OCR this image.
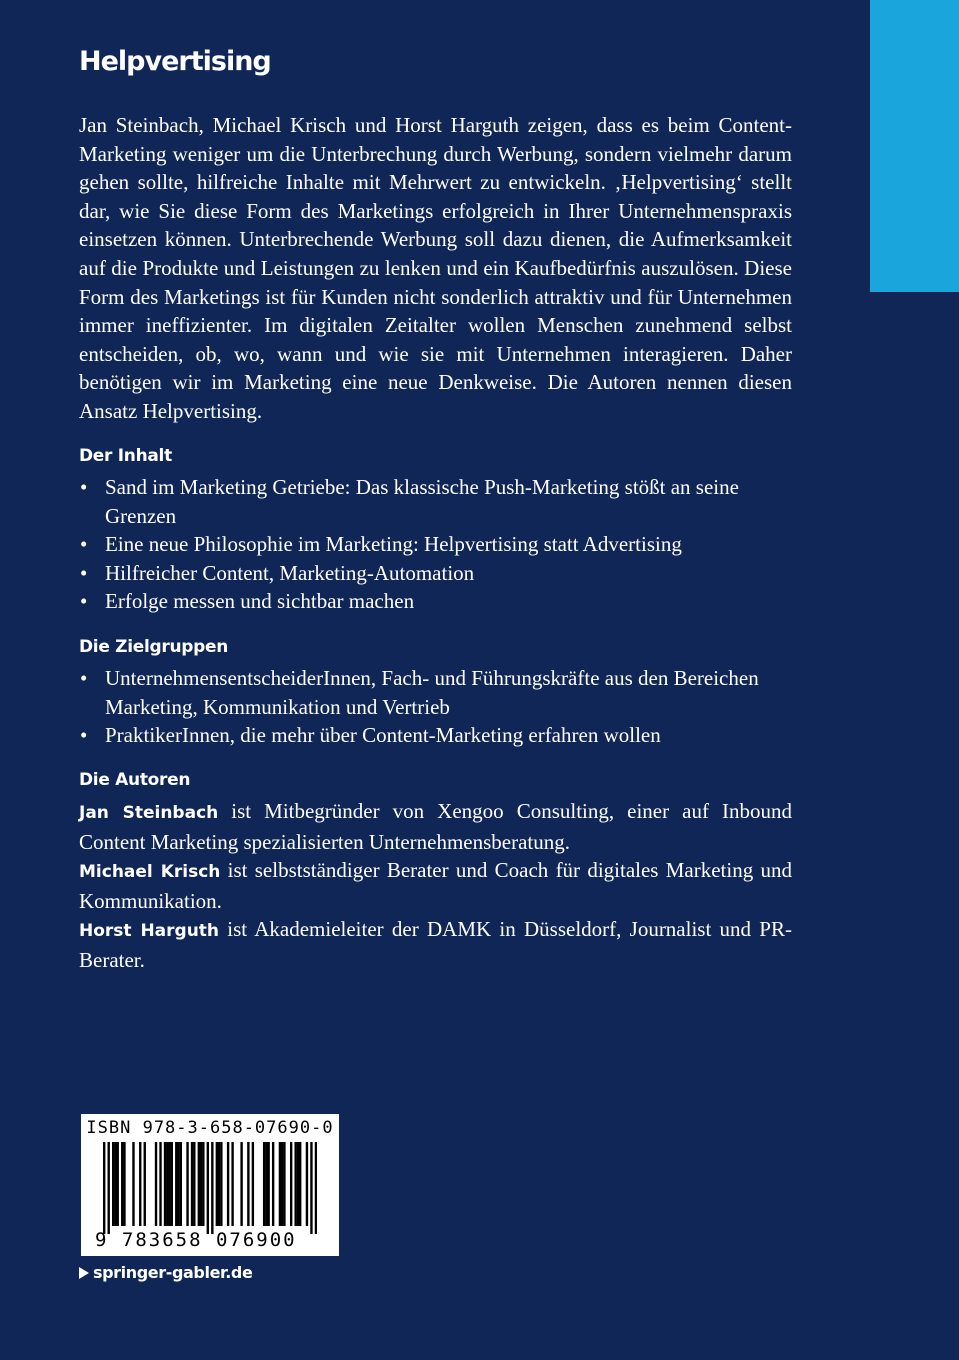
Helpvertising

Jan Steinbach, Michael Krisch und Horst Harguth zeigen, dass es beim Content-Marketing weniger um die Unterbrechung durch Werbung, sondern vielmehr darum gehen sollte, hilfreiche Inhalte mit Mehrwert zu entwickeln. ‚Helpvertising‘ stellt dar, wie Sie diese Form des Marketings erfolgreich in Ihrer Unternehmenspraxis einsetzen können. Unterbrechende Werbung soll dazu dienen, die Aufmerksamkeit auf die Produkte und Leistungen zu lenken und ein Kaufbedürfnis auszulösen. Diese Form des Marketings ist für Kunden nicht sonderlich attraktiv und für Unternehmen immer ineffizienter. Im digitalen Zeitalter wollen Menschen zunehmend selbst entscheiden, ob, wo, wann und wie sie mit Unternehmen interagieren. Daher benötigen wir im Marketing eine neue Denkweise. Die Autoren nennen diesen Ansatz Helpvertising.

Der Inhalt
• Sand im Marketing Getriebe: Das klassische Push-Marketing stößt an seine Grenzen
• Eine neue Philosophie im Marketing: Helpvertising statt Advertising
• Hilfreicher Content, Marketing-Automation
• Erfolge messen und sichtbar machen
Die Zielgruppen
• UnternehmensentscheiderInnen, Fach- und Führungskräfte aus den Bereichen Marketing, Kommunikation und Vertrieb
• PraktikerInnen, die mehr über Content-Marketing erfahren wollen
Die Autoren

Jan Steinbach ist Mitbegründer von Xengoo Consulting, einer auf Inbound Content Marketing spezialisierten Unternehmensberatung.

Michael Krisch ist selbstständiger Berater und Coach für digitales Marketing und Kommunikation.

Horst Harguth ist Akademieleiter der DAMK in Düsseldorf, Journalist und PR-Berater.

ISBN 978-3-658-07690-0
9 783658 076900
springer-gabler.de
